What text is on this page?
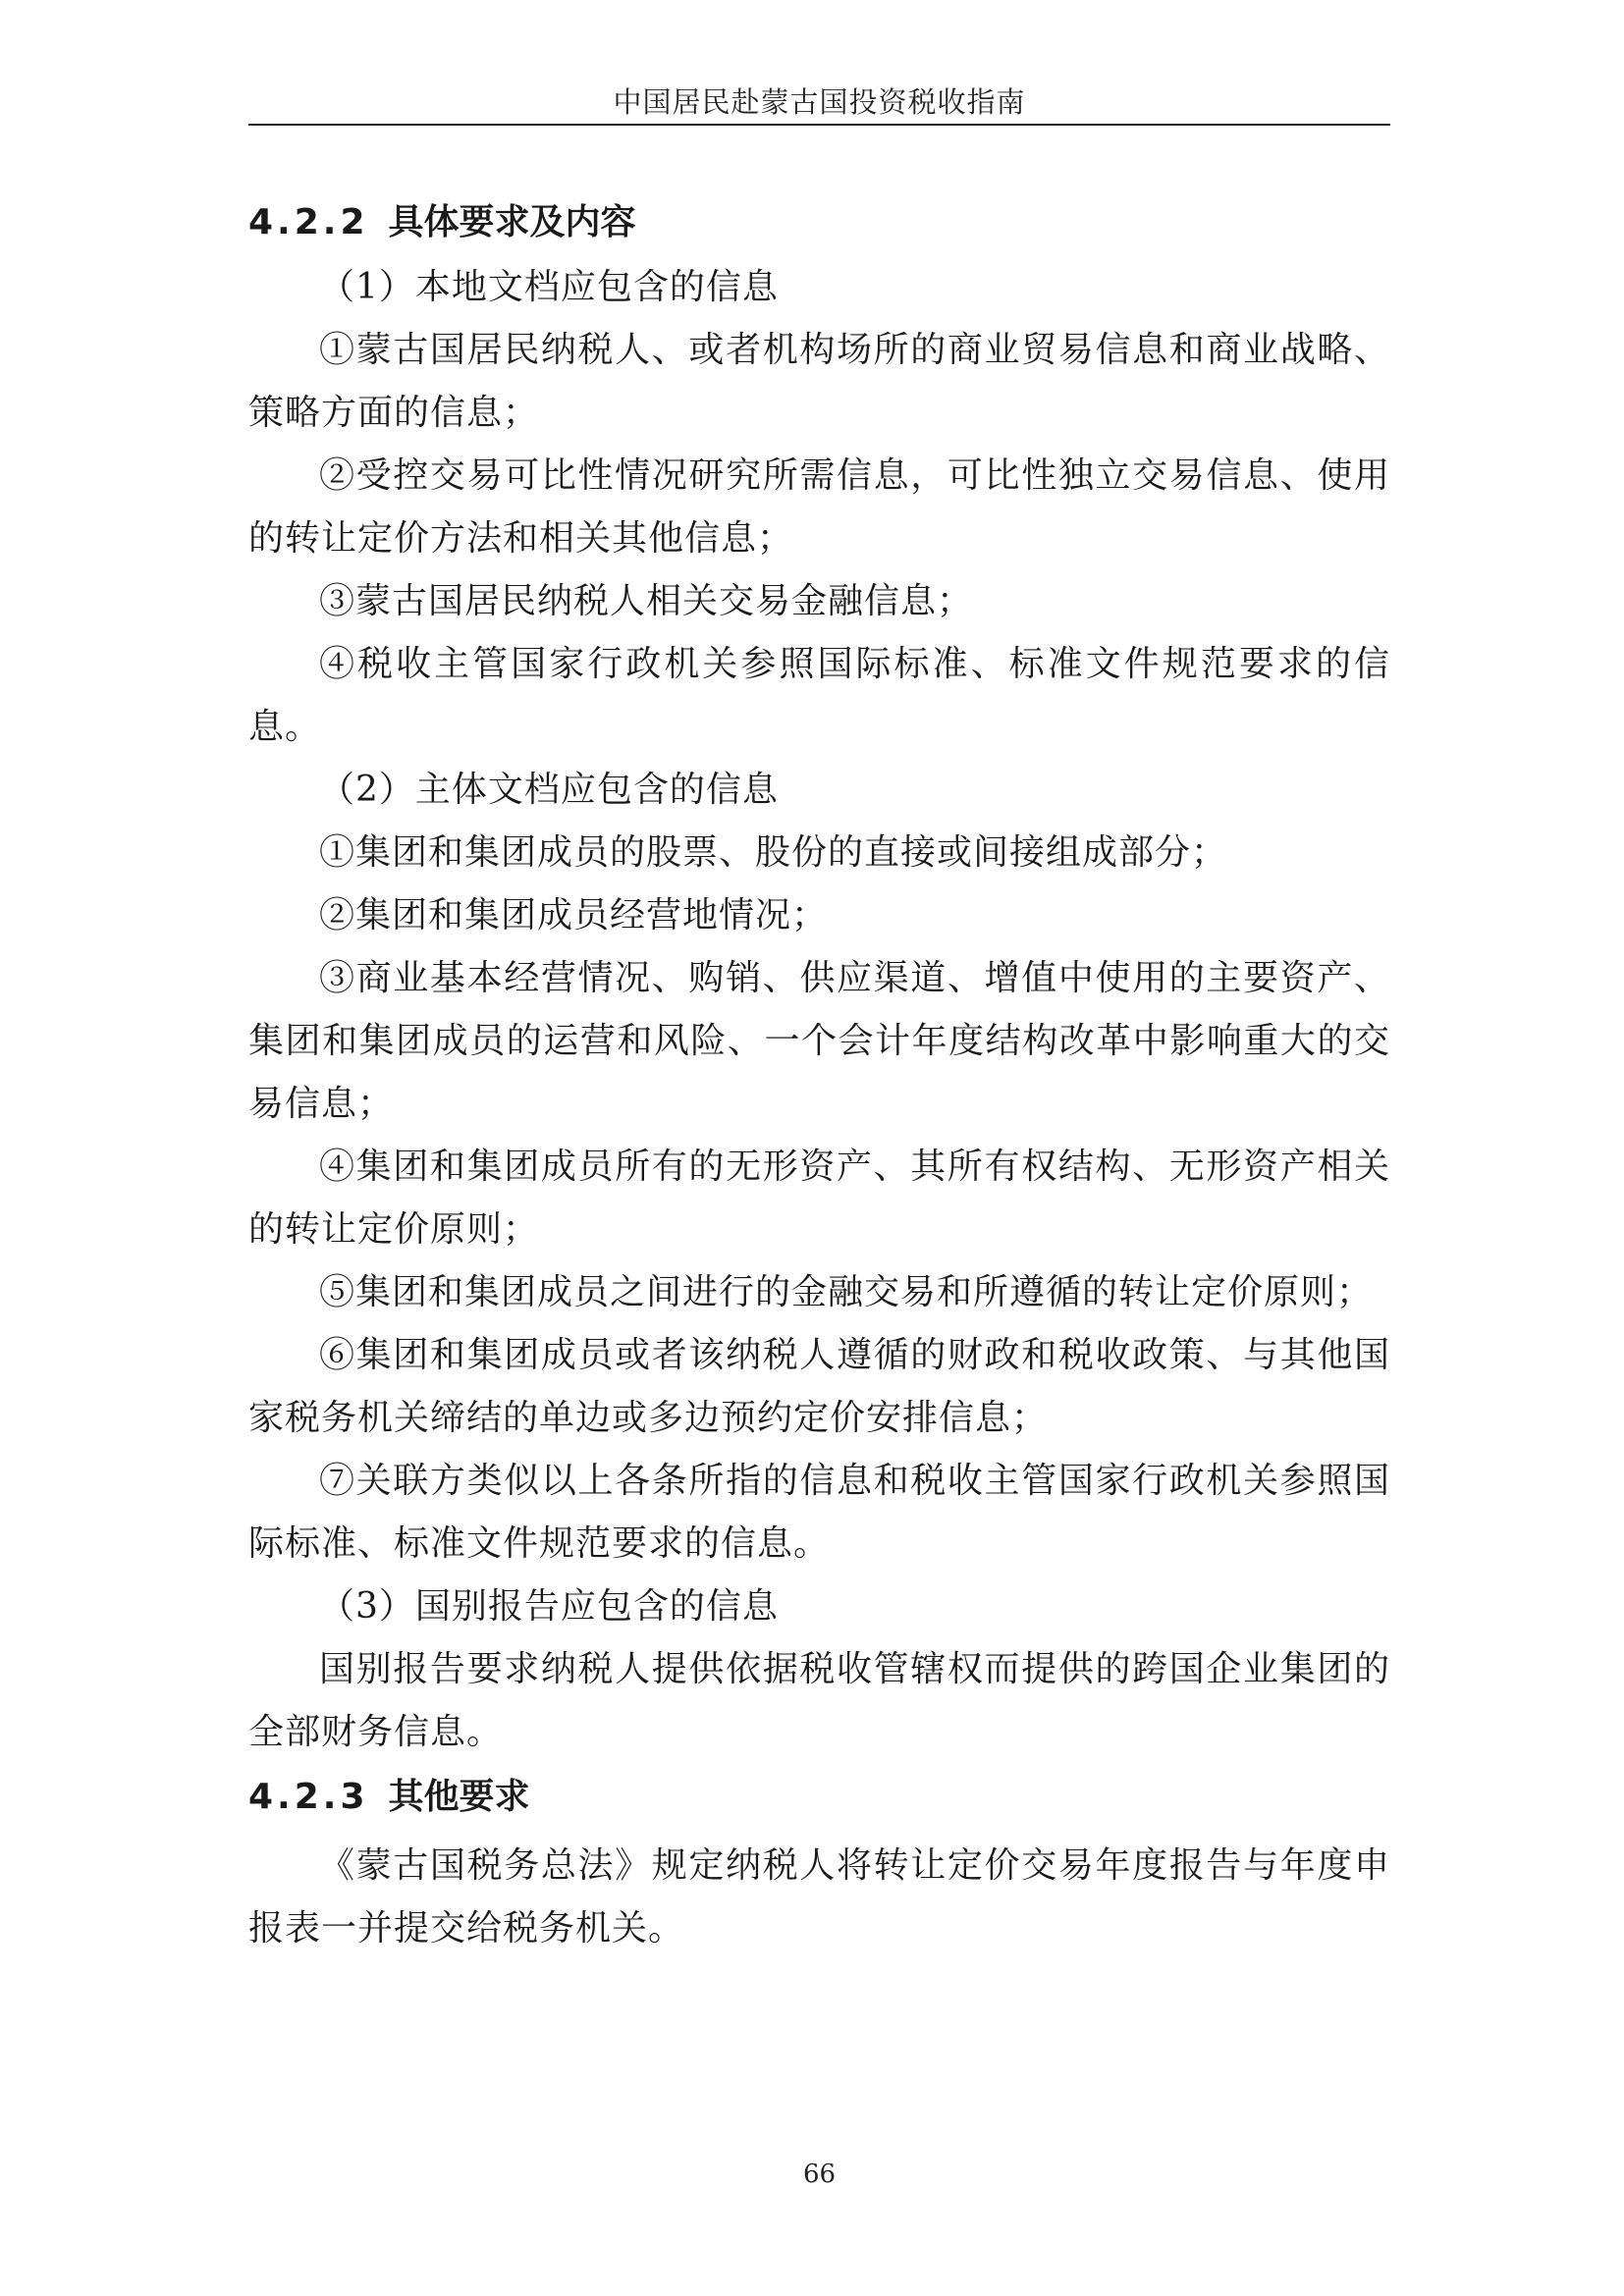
中国居民赴蒙古国投资税收指南
4.2.2 具体要求及内容

（1）本地文档应包含的信息

①蒙古国居民纳税人、或者机构场所的商业贸易信息和商业战略、策略方面的信息；

②受控交易可比性情况研究所需信息，可比性独立交易信息、使用的转让定价方法和相关其他信息；

③蒙古国居民纳税人相关交易金融信息；

④税收主管国家行政机关参照国际标准、标准文件规范要求的信息。

（2）主体文档应包含的信息

①集团和集团成员的股票、股份的直接或间接组成部分；

②集团和集团成员经营地情况；

③商业基本经营情况、购销、供应渠道、增值中使用的主要资产、集团和集团成员的运营和风险、一个会计年度结构改革中影响重大的交易信息；

④集团和集团成员所有的无形资产、其所有权结构、无形资产相关的转让定价原则；

⑤集团和集团成员之间进行的金融交易和所遵循的转让定价原则；

⑥集团和集团成员或者该纳税人遵循的财政和税收政策、与其他国家税务机关缔结的单边或多边预约定价安排信息；

⑦关联方类似以上各条所指的信息和税收主管国家行政机关参照国际标准、标准文件规范要求的信息。

（3）国别报告应包含的信息

国别报告要求纳税人提供依据税收管辖权而提供的跨国企业集团的全部财务信息。

4.2.3 其他要求

《蒙古国税务总法》规定纳税人将转让定价交易年度报告与年度申报表一并提交给税务机关。

66
